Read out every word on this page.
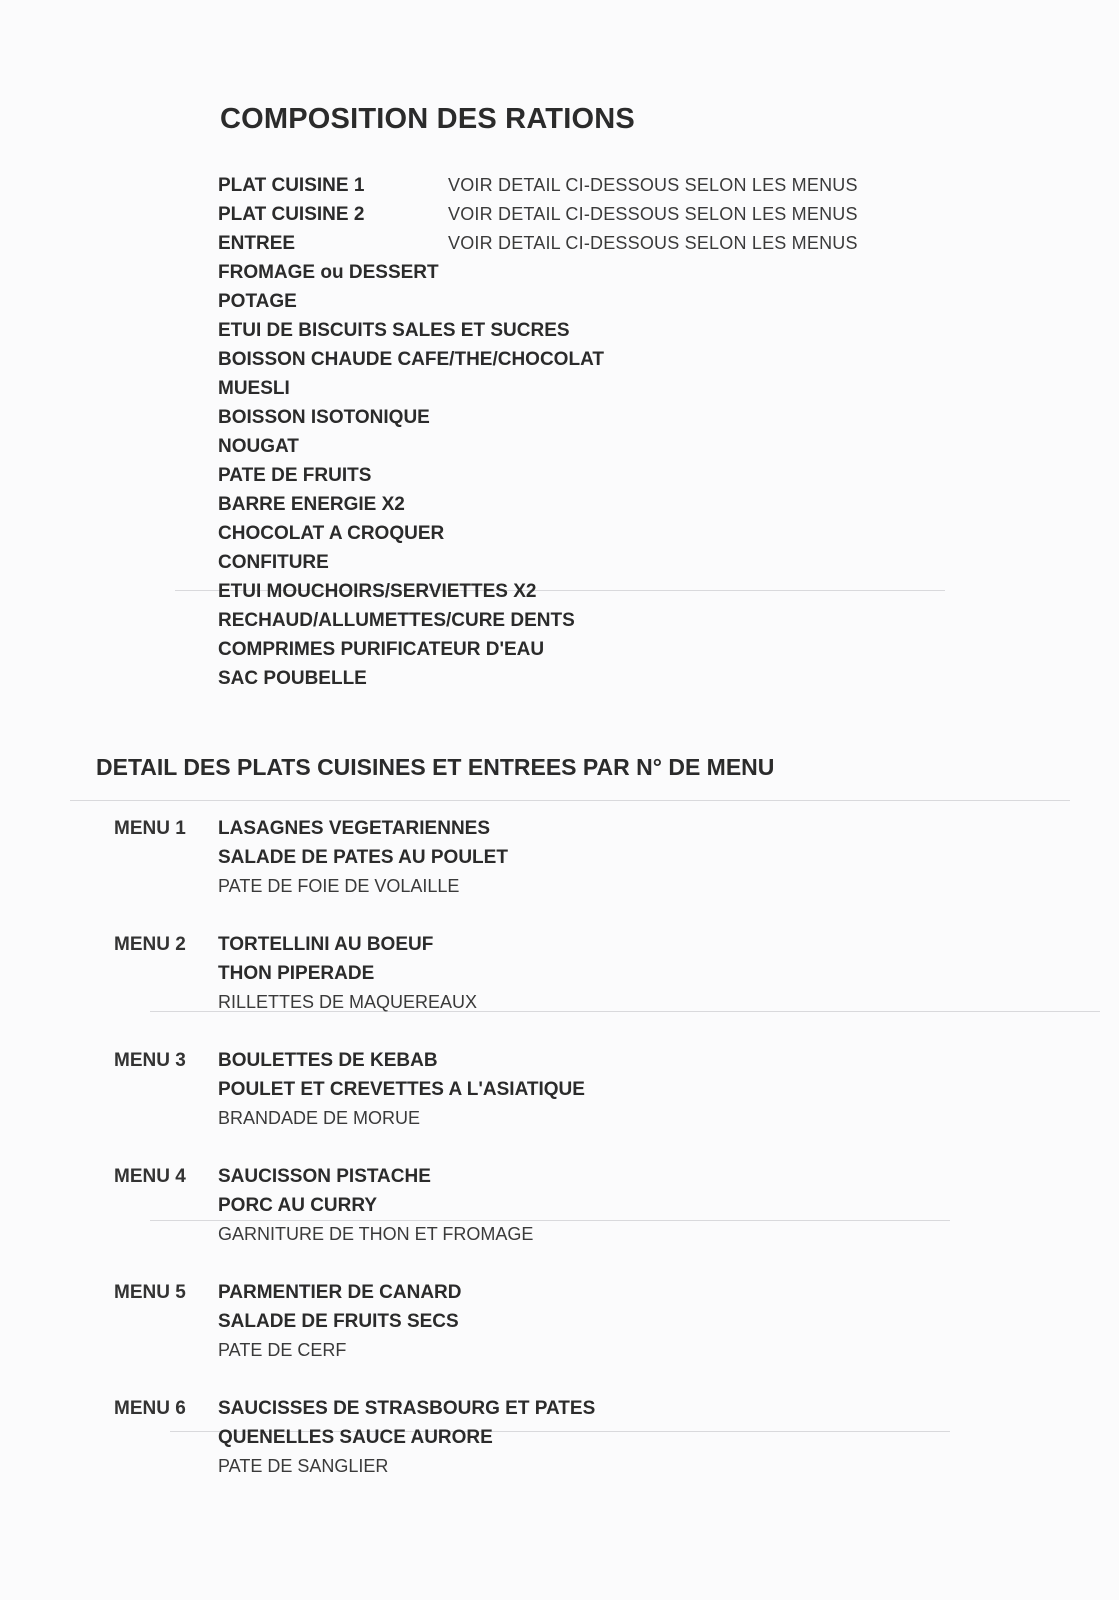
COMPOSITION DES RATIONS
PLAT CUISINE 1	VOIR DETAIL CI-DESSOUS SELON LES MENUS
PLAT CUISINE 2	VOIR DETAIL CI-DESSOUS SELON LES MENUS
ENTREE	VOIR DETAIL CI-DESSOUS SELON LES MENUS
FROMAGE ou DESSERT
POTAGE
ETUI DE BISCUITS SALES ET SUCRES
BOISSON CHAUDE CAFE/THE/CHOCOLAT
MUESLI
BOISSON ISOTONIQUE
NOUGAT
PATE DE FRUITS
BARRE ENERGIE X2
CHOCOLAT A CROQUER
CONFITURE
ETUI MOUCHOIRS/SERVIETTES X2
RECHAUD/ALLUMETTES/CURE DENTS
COMPRIMES PURIFICATEUR D'EAU
SAC POUBELLE
DETAIL DES PLATS CUISINES ET ENTREES PAR N° DE MENU
MENU 1 LASAGNES VEGETARIENNES
SALADE DE PATES AU POULET
PATE DE FOIE DE VOLAILLE
MENU 2 TORTELLINI AU BOEUF
THON PIPERADE
RILLETTES DE MAQUEREAUX
MENU 3 BOULETTES DE KEBAB
POULET ET CREVETTES A L'ASIATIQUE
BRANDADE DE MORUE
MENU 4 SAUCISSON PISTACHE
PORC AU CURRY
GARNITURE DE THON ET FROMAGE
MENU 5 PARMENTIER DE CANARD
SALADE DE FRUITS SECS
PATE DE CERF
MENU 6 SAUCISSES DE STRASBOURG ET PATES
QUENELLES SAUCE AURORE
PATE DE SANGLIER
